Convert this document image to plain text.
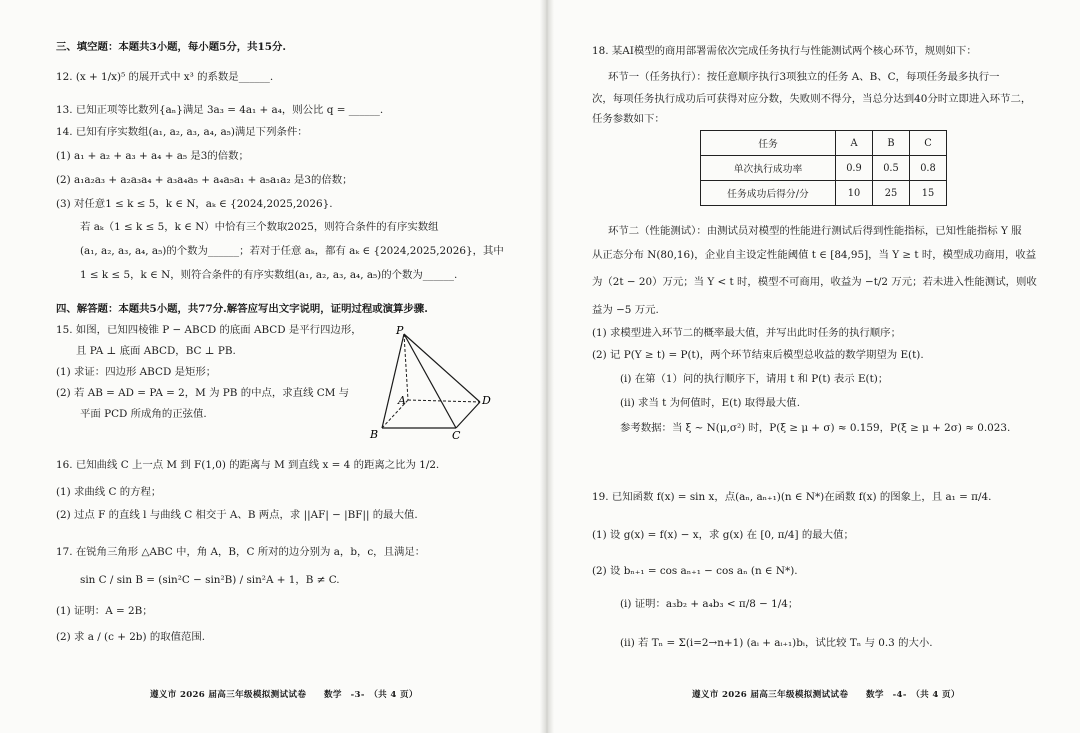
三、填空题：本题共3小题，每小题5分，共15分.
12. (x + 1/x)⁵ 的展开式中 x³ 的系数是______.
13. 已知正项等比数列{aₙ}满足 3a₃ = 4a₁ + a₄，则公比 q = ______.
14. 已知有序实数组(a₁, a₂, a₃, a₄, a₅)满足下列条件：
(1) a₁ + a₂ + a₃ + a₄ + a₅ 是3的倍数；
(2) a₁a₂a₃ + a₂a₃a₄ + a₃a₄a₅ + a₄a₅a₁ + a₅a₁a₂ 是3的倍数；
(3) 对任意1 ≤ k ≤ 5，k ∈ N，aₖ ∈ {2024,2025,2026}.
若 aₖ（1 ≤ k ≤ 5，k ∈ N）中恰有三个数取2025，则符合条件的有序实数组
(a₁, a₂, a₃, a₄, a₅)的个数为______；若对于任意 aₖ，都有 aₖ ∈ {2024,2025,2026}，其中
1 ≤ k ≤ 5，k ∈ N，则符合条件的有序实数组(a₁, a₂, a₃, a₄, a₅)的个数为______.
四、解答题：本题共5小题，共77分.解答应写出文字说明，证明过程或演算步骤.
15. 如图，已知四棱锥 P − ABCD 的底面 ABCD 是平行四边形，
且 PA ⊥ 底面 ABCD，BC ⊥ PB.
(1) 求证：四边形 ABCD 是矩形；
(2) 若 AB = AD = PA = 2，M 为 PB 的中点，求直线 CM 与
平面 PCD 所成角的正弦值.
P
A
B	C
D
16. 已知曲线 C 上一点 M 到 F(1,0) 的距离与 M 到直线 x = 4 的距离之比为 1/2.
(1) 求曲线 C 的方程；
(2) 过点 F 的直线 l 与曲线 C 相交于 A、B 两点，求 ||AF| − |BF|| 的最大值.
17. 在锐角三角形 △ABC 中，角 A，B，C 所对的边分别为 a，b，c，且满足：
sin C / sin B = (sin²C − sin²B) / sin²A + 1，B ≠ C.
(1) 证明：A = 2B；
(2) 求 a / (c + 2b) 的取值范围.
遵义市 2026 届高三年级模拟测试试卷　　数学　-3-　（共 4 页）
18. 某AI模型的商用部署需依次完成任务执行与性能测试两个核心环节，规则如下：
环节一（任务执行）：按任意顺序执行3项独立的任务 A、B、C，每项任务最多执行一
次，每项任务执行成功后可获得对应分数，失败则不得分，当总分达到40分时立即进入环节二，
任务参数如下：
任务	A	B	C
单次执行成功率	0.9	0.5	0.8
任务成功后得分/分	10	25	15
环节二（性能测试）：由测试员对模型的性能进行测试后得到性能指标，已知性能指标 Y 服
从正态分布 N(80,16)，企业自主设定性能阈值 t ∈ [84,95]，当 Y ≥ t 时，模型成功商用，收益
为（2t − 20）万元；当 Y < t 时，模型不可商用，收益为 −t/2 万元；若未进入性能测试，则收
益为 −5 万元.
(1) 求模型进入环节二的概率最大值，并写出此时任务的执行顺序；
(2) 记 P(Y ≥ t) = P(t)，两个环节结束后模型总收益的数学期望为 E(t).
(i) 在第（1）问的执行顺序下，请用 t 和 P(t) 表示 E(t)；
(ii) 求当 t 为何值时，E(t) 取得最大值.
参考数据：当 ξ ~ N(μ,σ²) 时，P(ξ ≥ μ + σ) ≈ 0.159，P(ξ ≥ μ + 2σ) ≈ 0.023.
19. 已知函数 f(x) = sin x，点(aₙ, aₙ₊₁)(n ∈ N*)在函数 f(x) 的图象上，且 a₁ = π/4.
(1) 设 g(x) = f(x) − x，求 g(x) 在 [0, π/4] 的最大值；
(2) 设 bₙ₊₁ = cos aₙ₊₁ − cos aₙ (n ∈ N*).
(i) 证明：a₃b₂ + a₄b₃ < π/8 − 1/4；
(ii) 若 Tₙ = Σ(i=2→n+1) (aᵢ + aᵢ₊₁)bᵢ，试比较 Tₙ 与 0.3 的大小.
遵义市 2026 届高三年级模拟测试试卷　　数学　-4-　（共 4 页）
